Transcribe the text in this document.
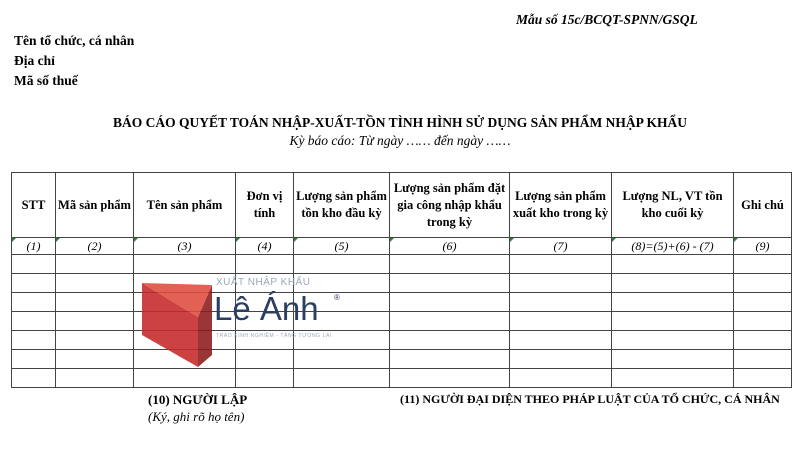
Mẫu số 15c/BCQT-SPNN/GSQL
Tên tổ chức, cá nhân
Địa chỉ
Mã số thuế
BÁO CÁO QUYẾT TOÁN NHẬP-XUẤT-TỒN TÌNH HÌNH SỬ DỤNG SẢN PHẨM NHẬP KHẨU
Kỳ báo cáo: Từ ngày …… đến ngày ……
STT	Mã sản phẩm	Tên sản phẩm	Đơn vị tính	Lượng sản phẩm tồn kho đầu kỳ	Lượng sản phẩm đặt gia công nhập khẩu trong kỳ	Lượng sản phẩm xuất kho trong kỳ	Lượng NL, VT tồn kho cuối kỳ	Ghi chú
(1)	(2)	(3)	(4)	(5)	(6)	(7)	(8)=(5)+(6) - (7)	(9)

XUẤT NHẬP KHẨU
Lê Ánh ®
TRAO KINH NGHIỆM - TẶNG TƯƠNG LAI
(10) NGƯỜI LẬP
(Ký, ghi rõ họ tên)
(11) NGƯỜI ĐẠI DIỆN THEO PHÁP LUẬT CỦA TỔ CHỨC, CÁ NHÂN
